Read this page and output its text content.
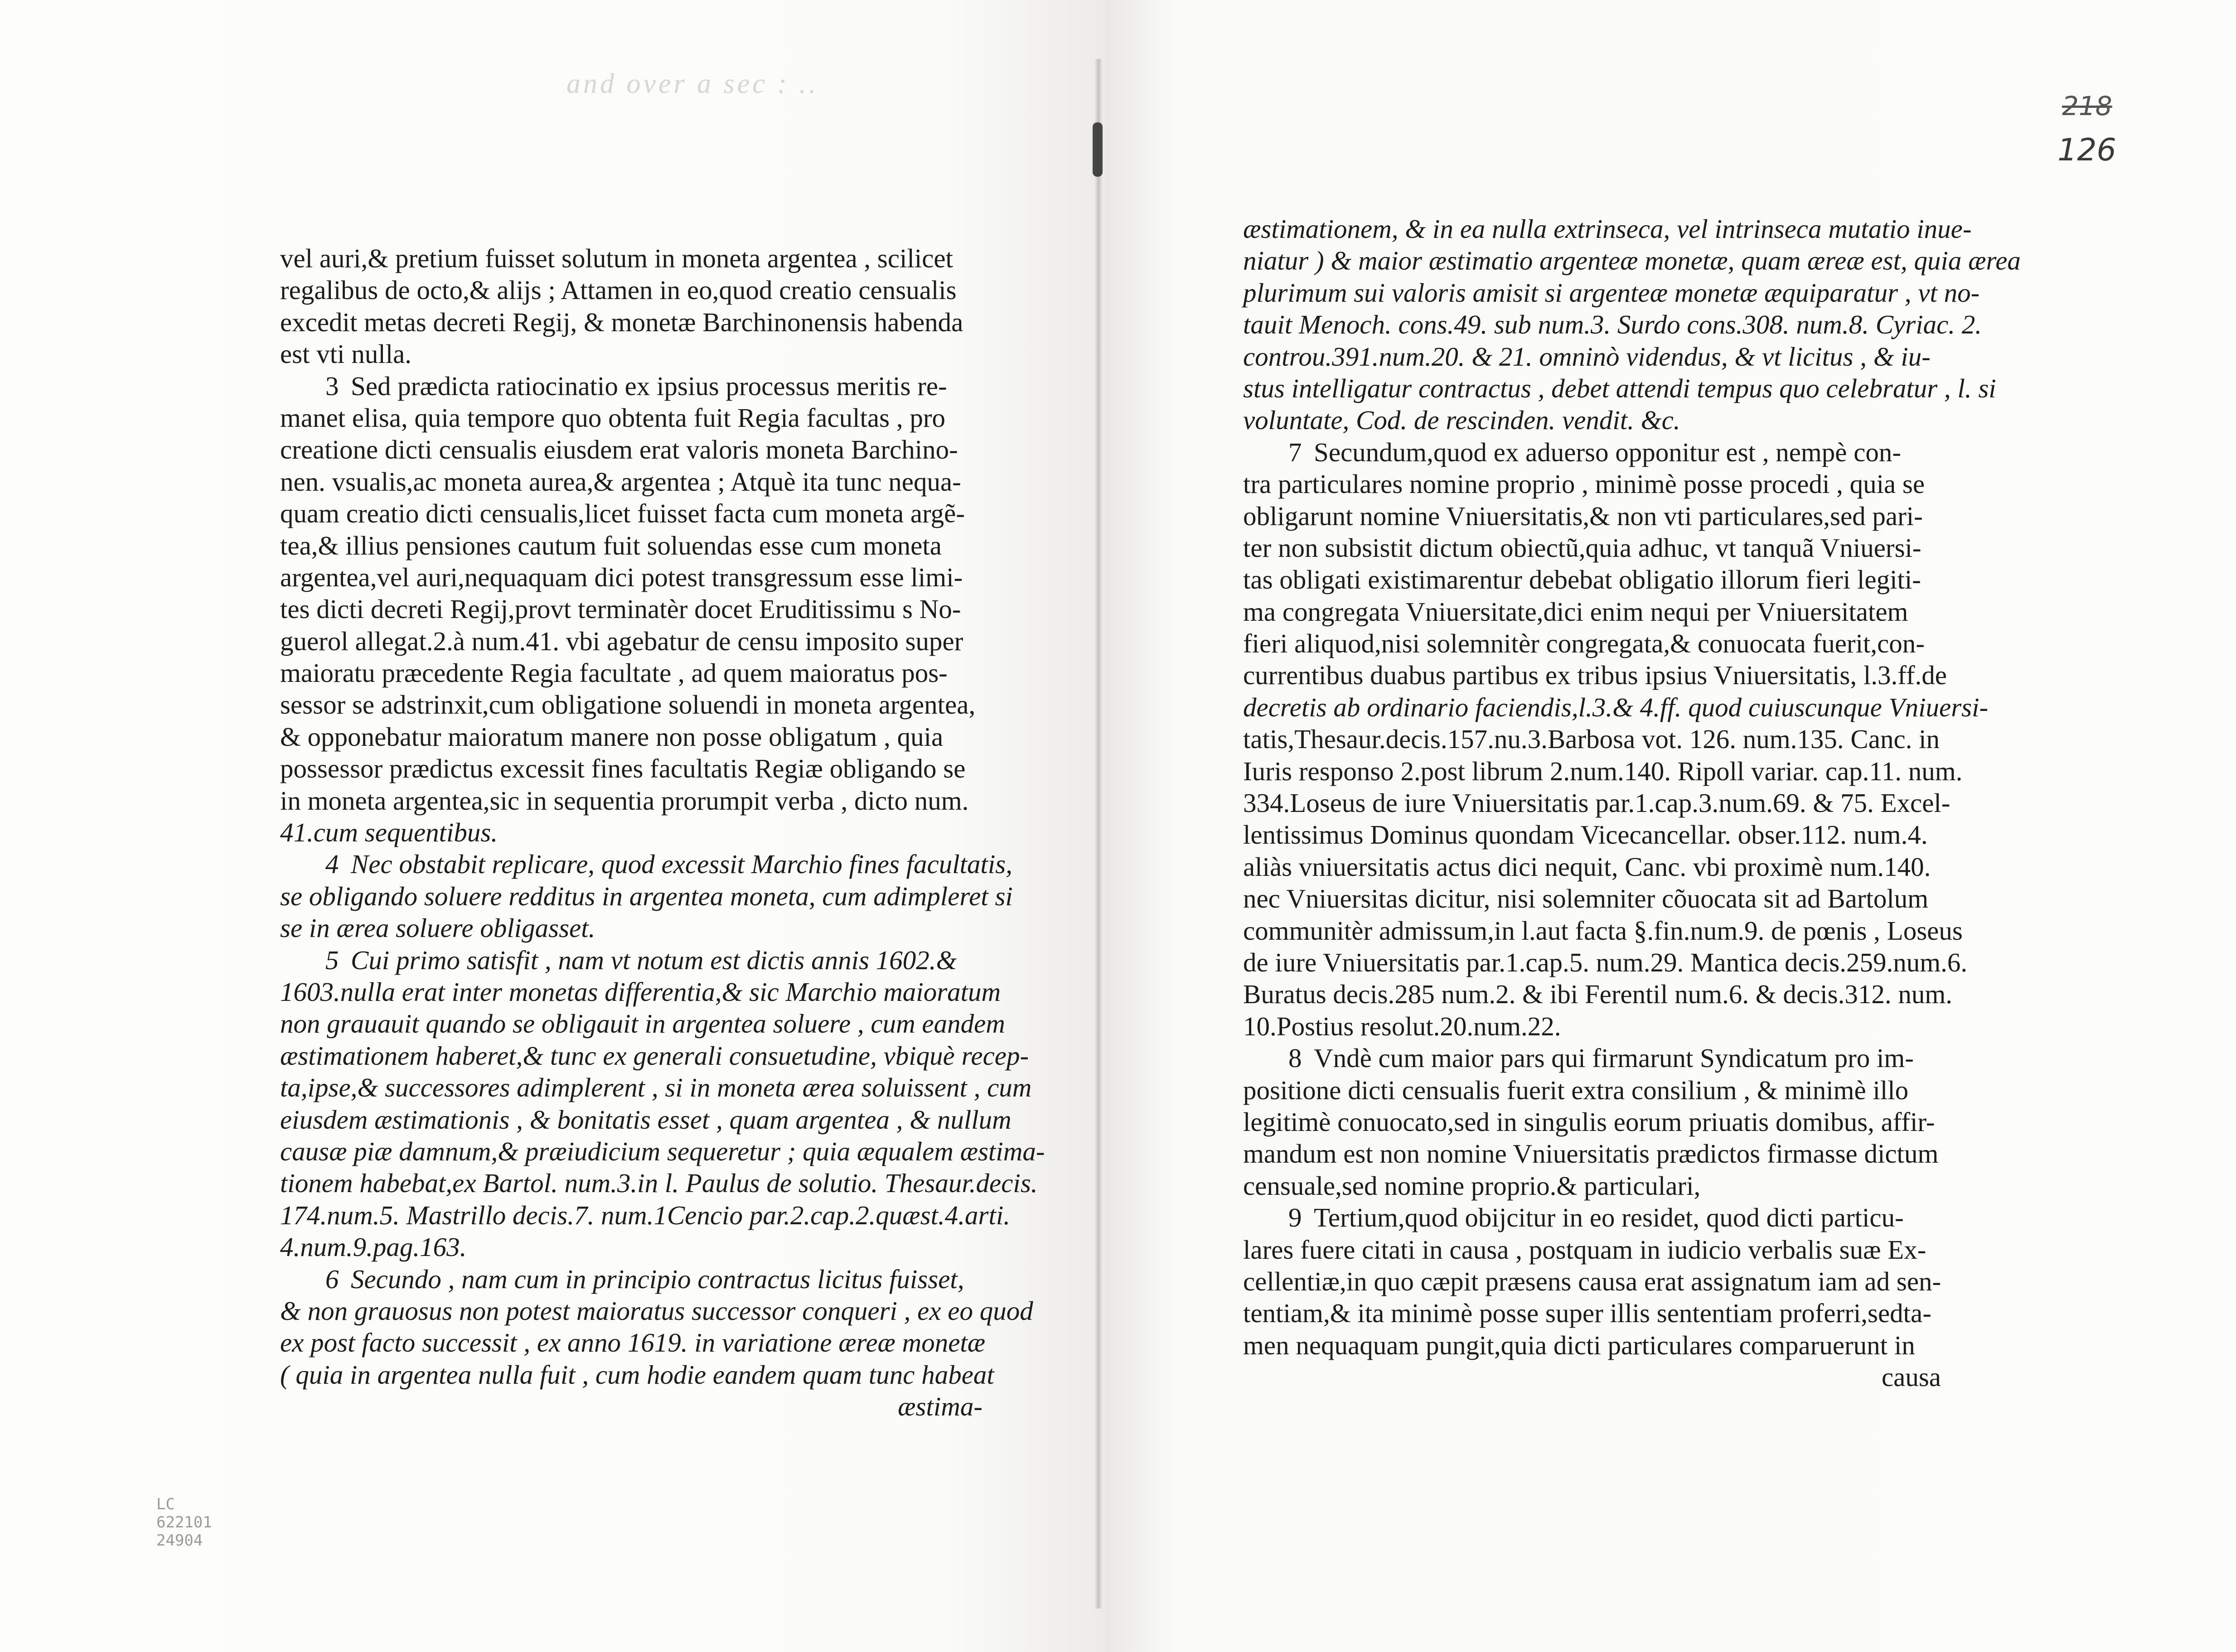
and over a sec : ..
218
126
LC
622101
24904
vel auri,& pretium fuisset solutum in moneta argentea , scilicet
regalibus de octo,& alijs ; Attamen in eo,quod creatio censualis
excedit metas decreti Regij, & monetæ Barchinonensis habenda
est vti nulla.
3 Sed prædicta ratiocinatio ex ipsius processus meritis re-
manet elisa, quia tempore quo obtenta fuit Regia facultas , pro
creatione dicti censualis eiusdem erat valoris moneta Barchino-
nen. vsualis,ac moneta aurea,& argentea ; Atquè ita tunc nequa-
quam creatio dicti censualis,licet fuisset facta cum moneta argẽ-
tea,& illius pensiones cautum fuit soluendas esse cum moneta
argentea,vel auri,nequaquam dici potest transgressum esse limi-
tes dicti decreti Regij,provt terminatèr docet Eruditissimu s No-
guerol allegat.2.à num.41. vbi agebatur de censu imposito super
maioratu præcedente Regia facultate , ad quem maioratus pos-
sessor se adstrinxit,cum obligatione soluendi in moneta argentea,
& opponebatur maioratum manere non posse obligatum , quia
possessor prædictus excessit fines facultatis Regiæ obligando se
in moneta argentea,sic in sequentia prorumpit verba , dicto num.
41.cum sequentibus.
4 Nec obstabit replicare, quod excessit Marchio fines facultatis,
se obligando soluere redditus in argentea moneta, cum adimpleret si
se in ærea soluere obligasset.
5 Cui primo satisfit , nam vt notum est dictis annis 1602.&
1603.nulla erat inter monetas differentia,& sic Marchio maioratum
non grauauit quando se obligauit in argentea soluere , cum eandem
æstimationem haberet,& tunc ex generali consuetudine, vbiquè recep-
ta,ipse,& successores adimplerent , si in moneta ærea soluissent , cum
eiusdem æstimationis , & bonitatis esset , quam argentea , & nullum
causæ piæ damnum,& præiudicium sequeretur ; quia æqualem æstima-
tionem habebat,ex Bartol. num.3.in l. Paulus de solutio. Thesaur.decis.
174.num.5. Mastrillo decis.7. num.1Cencio par.2.cap.2.quæst.4.arti.
4.num.9.pag.163.
6 Secundo , nam cum in principio contractus licitus fuisset,
& non grauosus non potest maioratus successor conqueri , ex eo quod
ex post facto successit , ex anno 1619. in variatione æreæ monetæ
( quia in argentea nulla fuit , cum hodie eandem quam tunc habeat
æstima-
æstimationem, & in ea nulla extrinseca, vel intrinseca mutatio inue-
niatur ) & maior æstimatio argenteæ monetæ, quam æreæ est, quia ærea
plurimum sui valoris amisit si argenteæ monetæ æquiparatur , vt no-
tauit Menoch. cons.49. sub num.3. Surdo cons.308. num.8. Cyriac. 2.
controu.391.num.20. & 21. omninò videndus, & vt licitus , & iu-
stus intelligatur contractus , debet attendi tempus quo celebratur , l. si
voluntate, Cod. de rescinden. vendit. &c.
7 Secundum,quod ex aduerso opponitur est , nempè con-
tra particulares nomine proprio , minimè posse procedi , quia se
obligarunt nomine Vniuersitatis,& non vti particulares,sed pari-
ter non subsistit dictum obiectũ,quia adhuc, vt tanquã Vniuersi-
tas obligati existimarentur debebat obligatio illorum fieri legiti-
ma congregata Vniuersitate,dici enim nequi per Vniuersitatem
fieri aliquod,nisi solemnitèr congregata,& conuocata fuerit,con-
currentibus duabus partibus ex tribus ipsius Vniuersitatis, l.3.ff.de
decretis ab ordinario faciendis,l.3.& 4.ff. quod cuiuscunque Vniuersi-
tatis,Thesaur.decis.157.nu.3.Barbosa vot. 126. num.135. Canc. in
Iuris responso 2.post librum 2.num.140. Ripoll variar. cap.11. num.
334.Loseus de iure Vniuersitatis par.1.cap.3.num.69. & 75. Excel-
lentissimus Dominus quondam Vicecancellar. obser.112. num.4.
aliàs vniuersitatis actus dici nequit, Canc. vbi proximè num.140.
nec Vniuersitas dicitur, nisi solemniter cõuocata sit ad Bartolum
communitèr admissum,in l.aut facta §.fin.num.9. de pœnis , Loseus
de iure Vniuersitatis par.1.cap.5. num.29. Mantica decis.259.num.6.
Buratus decis.285 num.2. & ibi Ferentil num.6. & decis.312. num.
10.Postius resolut.20.num.22.
8 Vndè cum maior pars qui firmarunt Syndicatum pro im-
positione dicti censualis fuerit extra consilium , & minimè illo
legitimè conuocato,sed in singulis eorum priuatis domibus, affir-
mandum est non nomine Vniuersitatis prædictos firmasse dictum
censuale,sed nomine proprio.& particulari,
9 Tertium,quod obijcitur in eo residet, quod dicti particu-
lares fuere citati in causa , postquam in iudicio verbalis suæ Ex-
cellentiæ,in quo cæpit præsens causa erat assignatum iam ad sen-
tentiam,& ita minimè posse super illis sententiam proferri,sedta-
men nequaquam pungit,quia dicti particulares comparuerunt in
causa
